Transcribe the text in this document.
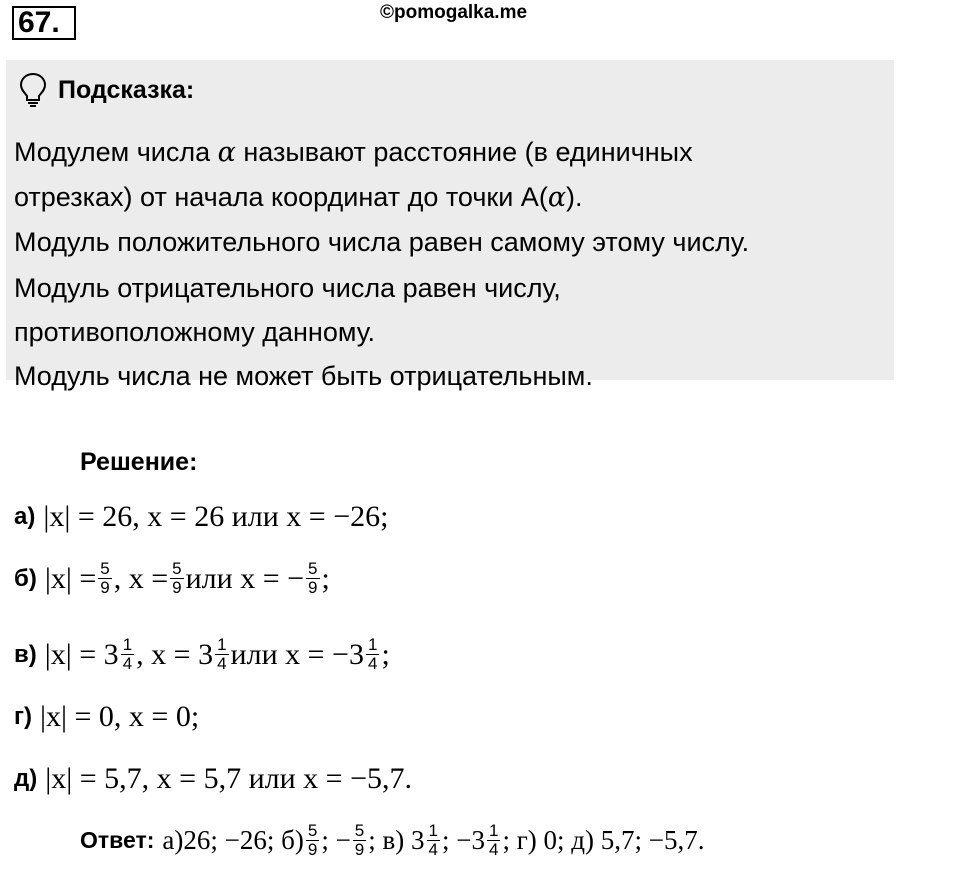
67.	©pomogalka.me
Подсказка:
Модулем числа α называют расстояние (в единичных
отрезках) от начала координат до точки А(α).
Модуль положительного числа равен самому этому числу.
Модуль отрицательного числа равен числу,
противоположному данному.
Модуль числа не может быть отрицательным.
Решение:
а) |x| = 26, x = 26 или x = −26;
б) $|x| = \frac{5}{9}$ , $x = \frac{5}{9}$ или x = − $\frac{5}{9}$ ;
в) $|x| = 3 \frac{1}{4}$ , $x = 3 \frac{1}{4}$ или $x = -3 \frac{1}{4}$ ;
г) |x| = 0, x = 0;
д) |x| = 5,7, x = 5,7 или x = −5,7.
Ответ: а)26; −26; $б) \frac{5}{9}$ ; − $\frac{5}{9}$ ; в) $3 \frac{1}{4}$ ; $-3 \frac{1}{4}$ ; г) 0; д) 5,7; −5,7.
